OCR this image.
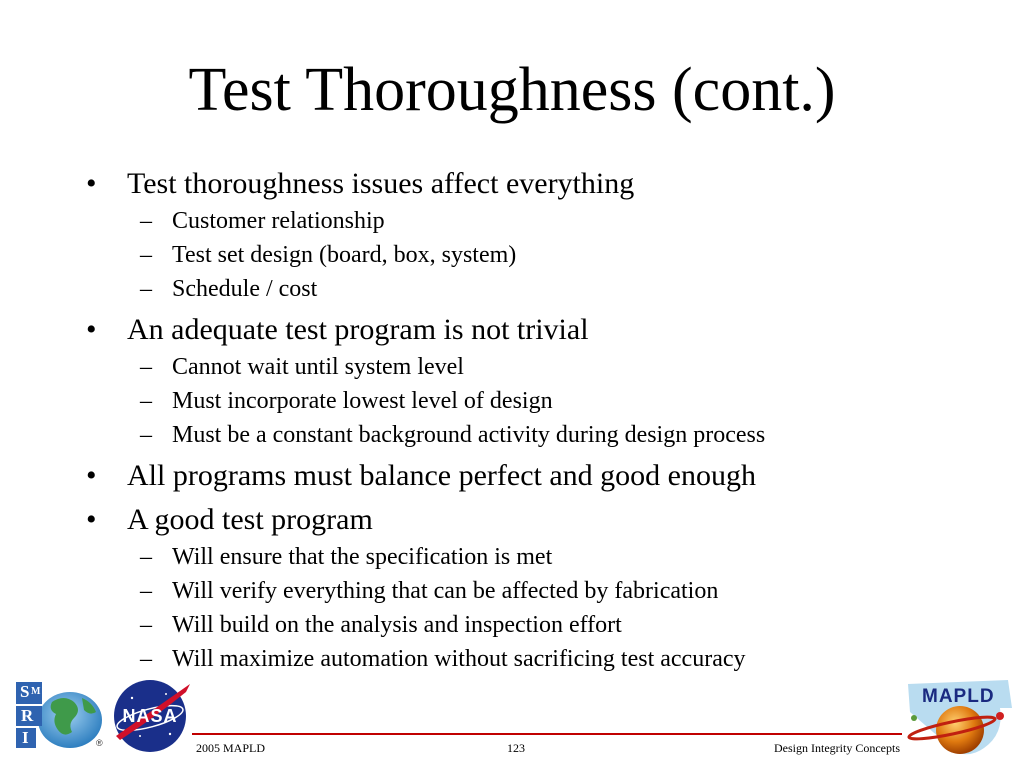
Test Thoroughness (cont.)
• Test thoroughness issues affect everything
– Customer relationship
– Test set design (board, box, system)
– Schedule / cost
• An adequate test program is not trivial
– Cannot wait until system level
– Must incorporate lowest level of design
– Must be a constant background activity during design process
• All programs must balance perfect and good enough
• A good test program
– Will ensure that the specification is met
– Will verify everything that can be affected by fabrication
– Will build on the analysis and inspection effort
– Will maximize automation without sacrificing test accuracy
S M
R
I	®
NASA
2005 MAPLD	123	Design Integrity Concepts
MAPLD
